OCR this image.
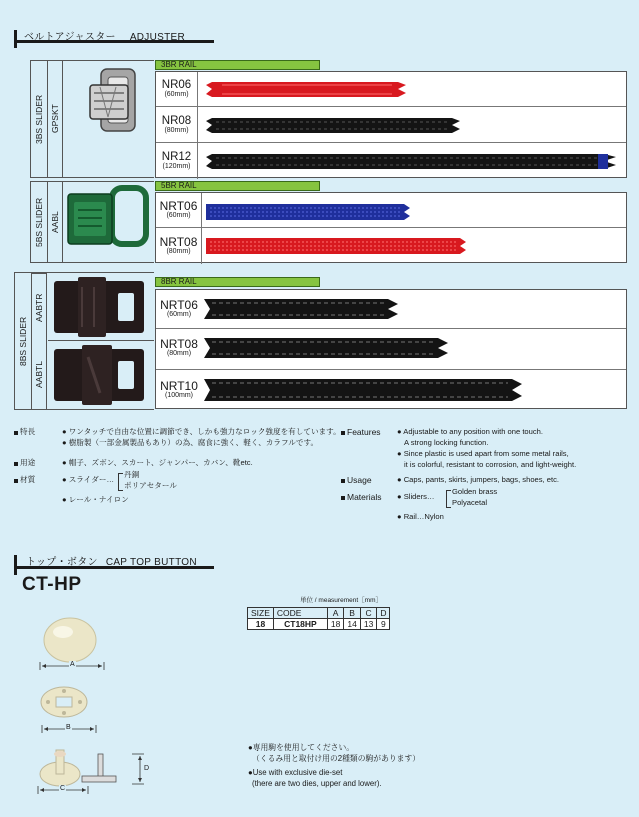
ベルトアジャスター ADJUSTER
3BS SLIDER GPSKT
3BR RAIL
NR06
(60mm)
NR08
(80mm)
NR12
(120mm)
5BS SLIDER AABL
5BR RAIL
NRT06
(60mm)
NRT08
(80mm)
8BS SLIDER
AABTR
AABTL
8BR RAIL
NRT06
(60mm)
NRT08
(80mm)
NRT10
(100mm)
特長	● ワンタッチで自由な位置に調節でき、しかも強力なロック強度を有しています。
● 樹脂製（一部金属製品もあり）の為、腐食に強く、軽く、カラフルです。
用途	● 帽子、ズボン、スカート、ジャンパー、カバン、靴etc.
材質	● スライダー…
丹銅
ポリアセタール
● レール・ナイロン
Features ● Adjustable to any position with one touch.
A strong locking function.
● Since plastic is used apart from some metal rails,
it is colorful, resistant to corrosion, and light-weight.
Usage	● Caps, pants, skirts, jumpers, bags, shoes, etc.
Materials ● Sliders…
Golden brass
Polyacetal
● Rail…Nylon
トップ・ボタン CAP TOP BUTTON
CT-HP
単位 / measurement［mm］
SIZE	CODE	A	B	C	D
18	CT18HP	18	14	13	9
A
B
C
D
●専用駒を使用してください。
（くるみ用と取付け用の2種類の駒があります）
●Use with exclusive die-set
(there are two dies, upper and lower).
